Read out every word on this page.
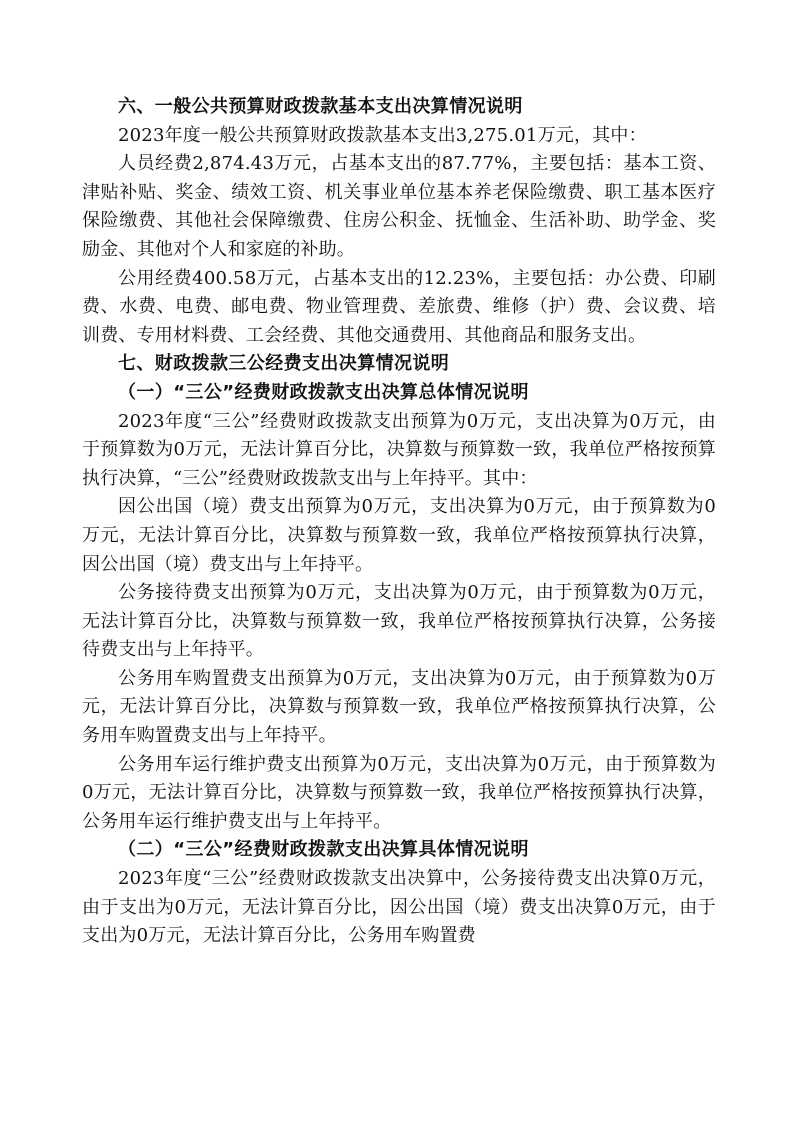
六、一般公共预算财政拨款基本支出决算情况说明

2023年度一般公共预算财政拨款基本支出3,275.01万元，其中：

人员经费2,874.43万元，占基本支出的87.77%，主要包括：基本工资、津贴补贴、奖金、绩效工资、机关事业单位基本养老保险缴费、职工基本医疗保险缴费、其他社会保障缴费、住房公积金、抚恤金、生活补助、助学金、奖励金、其他对个人和家庭的补助。

公用经费400.58万元，占基本支出的12.23%，主要包括：办公费、印刷费、水费、电费、邮电费、物业管理费、差旅费、维修（护）费、会议费、培训费、专用材料费、工会经费、其他交通费用、其他商品和服务支出。

七、财政拨款三公经费支出决算情况说明
（一）“三公”经费财政拨款支出决算总体情况说明

2023年度“三公”经费财政拨款支出预算为0万元，支出决算为0万元，由于预算数为0万元，无法计算百分比，决算数与预算数一致，我单位严格按预算执行决算，“三公”经费财政拨款支出与上年持平。其中：

因公出国（境）费支出预算为0万元，支出决算为0万元，由于预算数为0万元，无法计算百分比，决算数与预算数一致，我单位严格按预算执行决算，因公出国（境）费支出与上年持平。

公务接待费支出预算为0万元，支出决算为0万元，由于预算数为0万元，无法计算百分比，决算数与预算数一致，我单位严格按预算执行决算，公务接待费支出与上年持平。

公务用车购置费支出预算为0万元，支出决算为0万元，由于预算数为0万元，无法计算百分比，决算数与预算数一致，我单位严格按预算执行决算，公务用车购置费支出与上年持平。

公务用车运行维护费支出预算为0万元，支出决算为0万元，由于预算数为0万元，无法计算百分比，决算数与预算数一致，我单位严格按预算执行决算，公务用车运行维护费支出与上年持平。

（二）“三公”经费财政拨款支出决算具体情况说明

2023年度“三公”经费财政拨款支出决算中，公务接待费支出决算0万元，由于支出为0万元，无法计算百分比，因公出国（境）费支出决算0万元，由于支出为0万元，无法计算百分比，公务用车购置费
